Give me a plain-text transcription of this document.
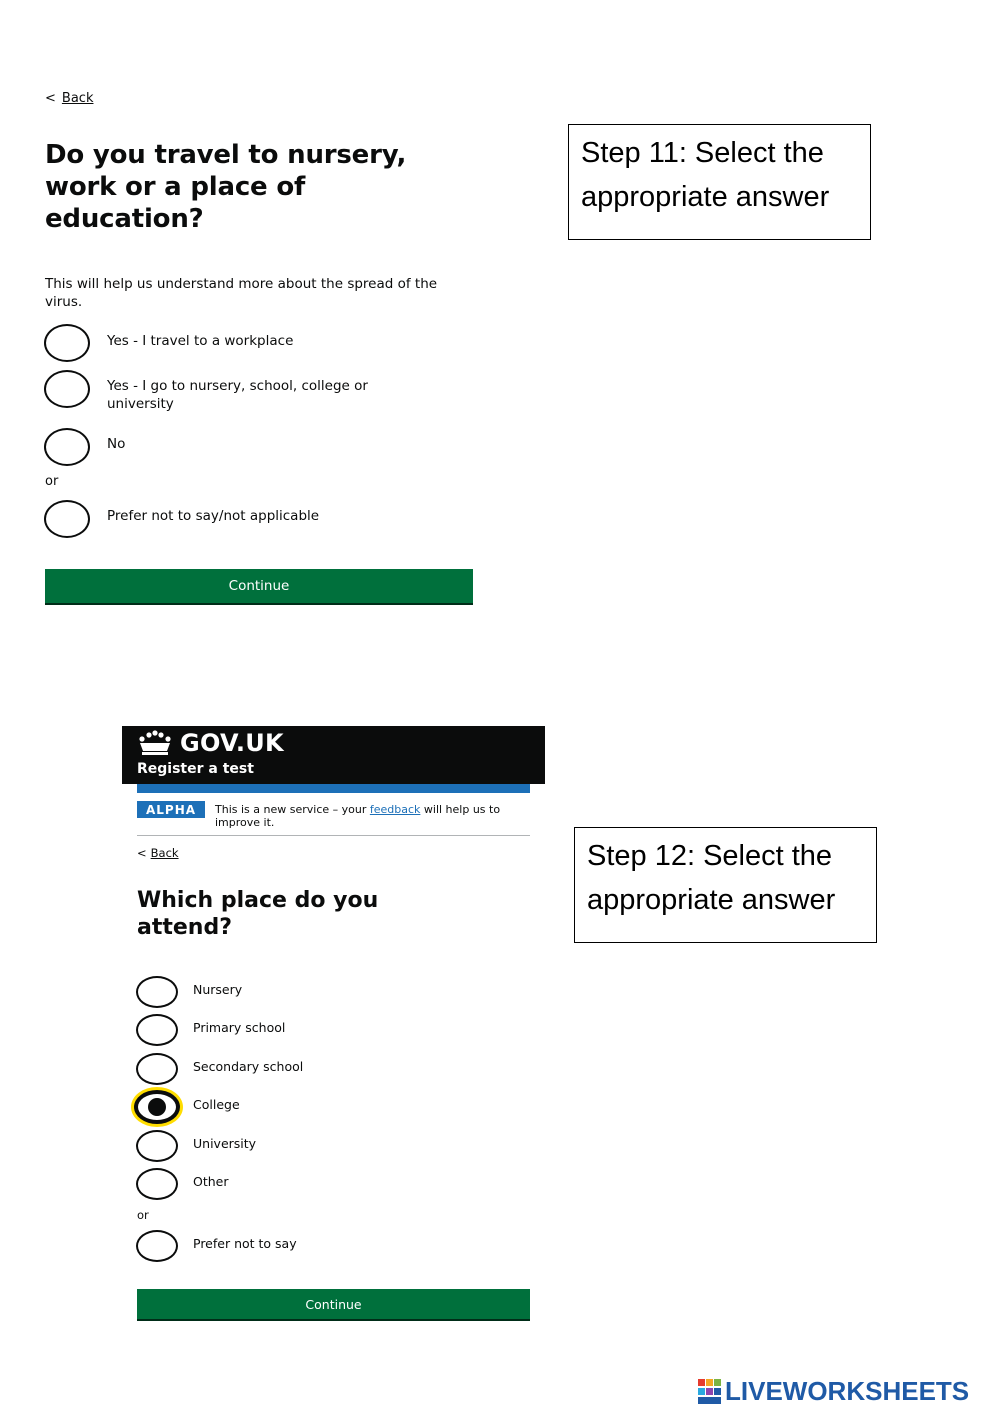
< Back
Do you travel to nursery, work or a place of education?
This will help us understand more about the spread of the virus.
Yes - I travel to a workplace
Yes - I go to nursery, school, college or university
No
or
Prefer not to say/not applicable
Continue
Step 11: Select the
appropriate answer
GOV.UK
Register a test
ALPHA	This is a new service – your feedback will help us to improve it.
< Back
Which place do you attend?
Nursery
Primary school
Secondary school
College
University
Other
or
Prefer not to say
Continue
Step 12: Select the
appropriate answer
LIVEWORKSHEETS
